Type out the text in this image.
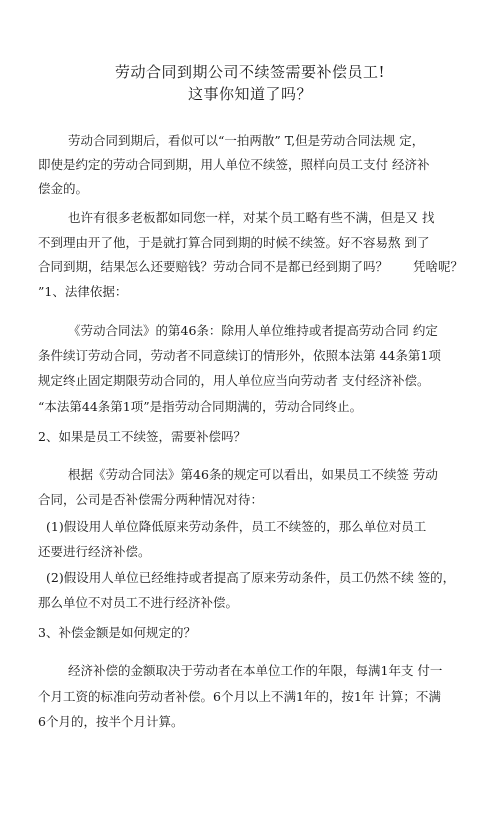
劳动合同到期公司不续签需要补偿员工!
这事你知道了吗？
劳动合同到期后，看似可以“一拍两散” T,但是劳动合同法规 定，
即使是约定的劳动合同到期，用人单位不续签，照样向员工支付 经济补
偿金的。
也许有很多老板都如同您一样，对某个员工略有些不满，但是又 找
不到理由开了他，于是就打算合同到期的时候不续签。好不容易熬 到了
合同到期，结果怎么还要赔钱？劳动合同不是都已经到期了吗？　　凭啥呢？
”1、法律依据：
《劳动合同法》的第46条：除用人单位维持或者提高劳动合同 约定
条件续订劳动合同，劳动者不同意续订的情形外，依照本法第 44条第1项
规定终止固定期限劳动合同的，用人单位应当向劳动者 支付经济补偿。
“本法第44条第1项”是指劳动合同期满的，劳动合同终止。
2、如果是员工不续签，需要补偿吗？
根据《劳动合同法》第46条的规定可以看出，如果员工不续签 劳动
合同，公司是否补偿需分两种情况对待：
(1)假设用人单位降低原来劳动条件，员工不续签的，那么单位对员工
还要进行经济补偿。
(2)假设用人单位已经维持或者提高了原来劳动条件，员工仍然不续 签的，
那么单位不对员工不进行经济补偿。
3、补偿金额是如何规定的？
经济补偿的金额取决于劳动者在本单位工作的年限，每满1年支 付一
个月工资的标准向劳动者补偿。6个月以上不满1年的，按1年 计算；不满
6个月的，按半个月计算。
